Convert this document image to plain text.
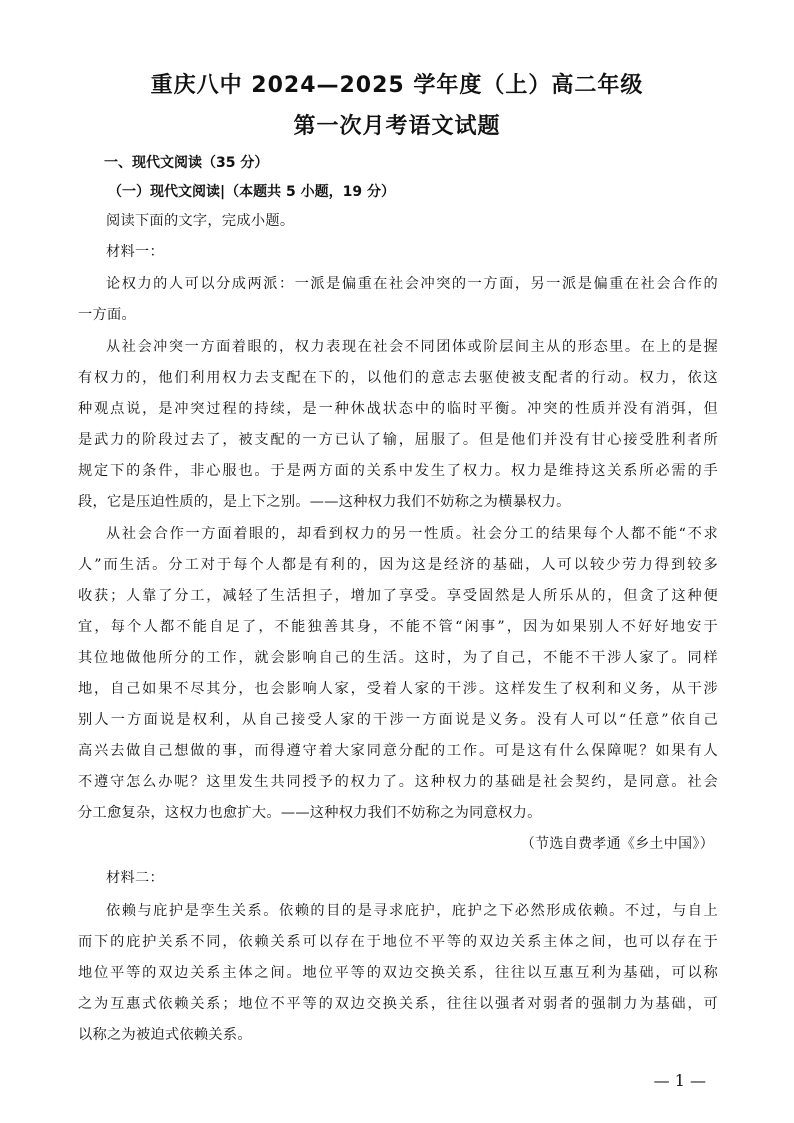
重庆八中 2024—2025 学年度（上）高二年级
第一次月考语文试题
一、现代文阅读（35 分）
（一）现代文阅读|（本题共 5 小题，19 分）
阅读下面的文字，完成小题。
材料一：
论权力的人可以分成两派：一派是偏重在社会冲突的一方面，另一派是偏重在社会合作的
一方面。
从社会冲突一方面着眼的，权力表现在社会不同团体或阶层间主从的形态里。在上的是握
有权力的，他们利用权力去支配在下的，以他们的意志去驱使被支配者的行动。权力，依这
种观点说，是冲突过程的持续，是一种休战状态中的临时平衡。冲突的性质并没有消弭，但
是武力的阶段过去了，被支配的一方已认了输，屈服了。但是他们并没有甘心接受胜利者所
规定下的条件，非心服也。于是两方面的关系中发生了权力。权力是维持这关系所必需的手
段，它是压迫性质的，是上下之别。——这种权力我们不妨称之为横暴权力。
从社会合作一方面着眼的，却看到权力的另一性质。社会分工的结果每个人都不能“不求
人”而生活。分工对于每个人都是有利的，因为这是经济的基础，人可以较少劳力得到较多
收获；人靠了分工，减轻了生活担子，增加了享受。享受固然是人所乐从的，但贪了这种便
宜，每个人都不能自足了，不能独善其身，不能不管“闲事”，因为如果别人不好好地安于
其位地做他所分的工作，就会影响自己的生活。这时，为了自己，不能不干涉人家了。同样
地，自己如果不尽其分，也会影响人家，受着人家的干涉。这样发生了权利和义务，从干涉
别人一方面说是权利，从自己接受人家的干涉一方面说是义务。没有人可以“任意”依自己
高兴去做自己想做的事，而得遵守着大家同意分配的工作。可是这有什么保障呢？如果有人
不遵守怎么办呢？这里发生共同授予的权力了。这种权力的基础是社会契约，是同意。社会
分工愈复杂，这权力也愈扩大。——这种权力我们不妨称之为同意权力。
（节选自费孝通《乡土中国》）
材料二：
依赖与庇护是孪生关系。依赖的目的是寻求庇护，庇护之下必然形成依赖。不过，与自上
而下的庇护关系不同，依赖关系可以存在于地位不平等的双边关系主体之间，也可以存在于
地位平等的双边关系主体之间。地位平等的双边交换关系，往往以互惠互利为基础，可以称
之为互惠式依赖关系；地位不平等的双边交换关系，往往以强者对弱者的强制力为基础，可
以称之为被迫式依赖关系。
— 1 —
